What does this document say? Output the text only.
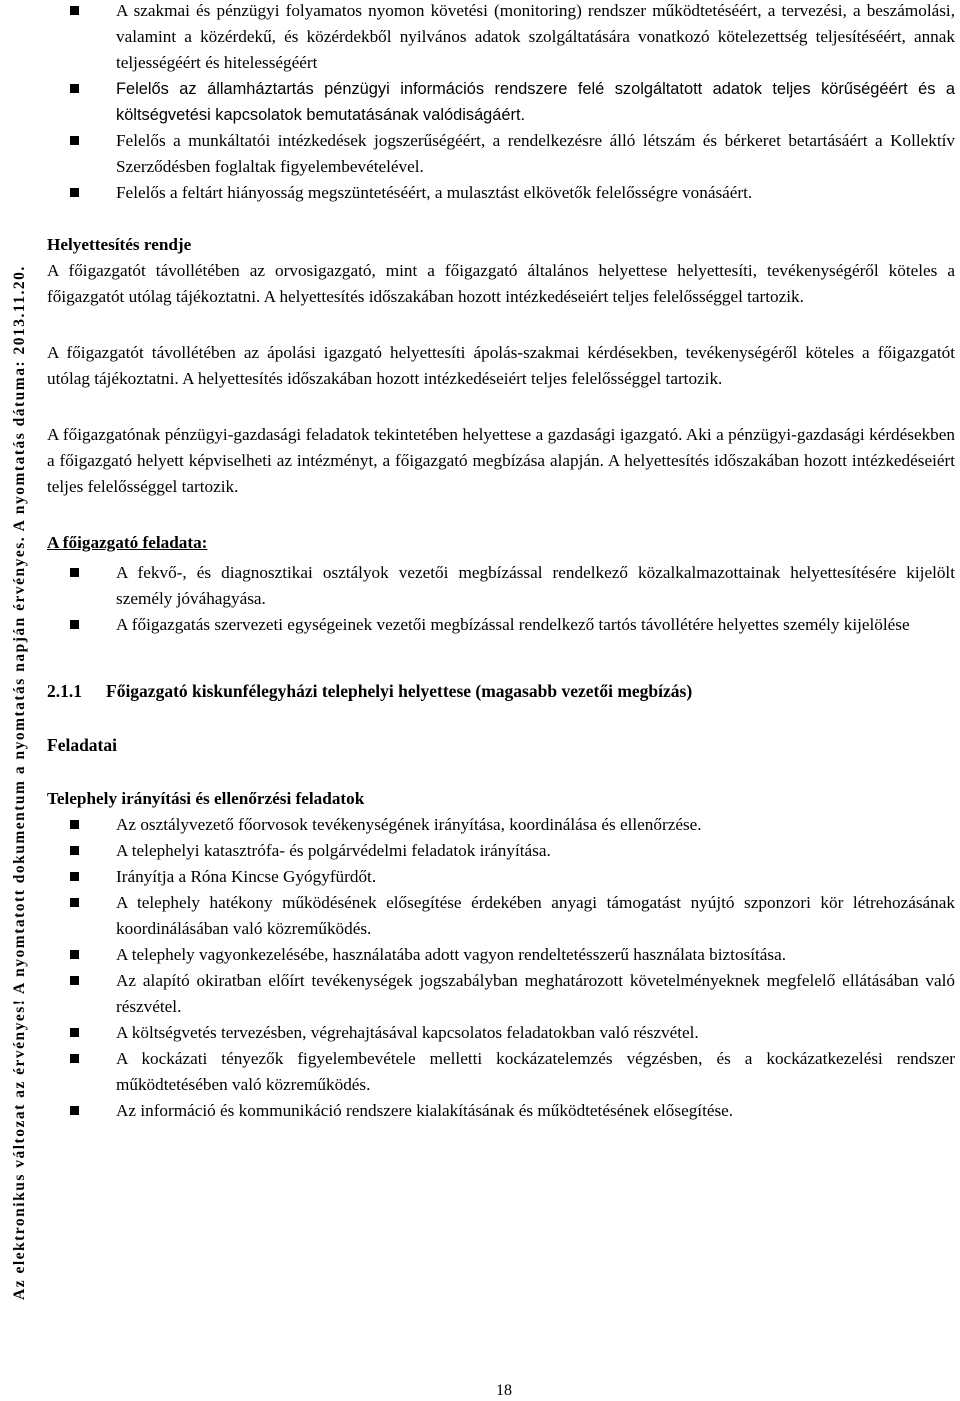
Az elektronikus változat az érvényes! A nyomtatott dokumentum a nyomtatás napján érvényes. A nyomtatás dátuma: 2013.11.20.
A szakmai és pénzügyi folyamatos nyomon követési (monitoring) rendszer működtetéséért, a tervezési, a beszámolási, valamint a közérdekű, és közérdekből nyilvános adatok szolgáltatására vonatkozó kötelezettség teljesítéséért, annak teljességéért és hitelességéért
Felelős az államháztartás pénzügyi információs rendszere felé szolgáltatott adatok teljes körűségéért és a költségvetési kapcsolatok bemutatásának valódiságáért.
Felelős a munkáltatói intézkedések jogszerűségéért, a rendelkezésre álló létszám és bérkeret betartásáért a Kollektív Szerződésben foglaltak figyelembevételével.
Felelős a feltárt hiányosság megszüntetéséért, a mulasztást elkövetők felelősségre vonásáért.

Helyettesítés rendje

A főigazgatót távollétében az orvosigazgató, mint a főigazgató általános helyettese helyettesíti, tevékenységéről köteles a főigazgatót utólag tájékoztatni. A helyettesítés időszakában hozott intézkedéseiért teljes felelősséggel tartozik.

A főigazgatót távollétében az ápolási igazgató helyettesíti ápolás-szakmai kérdésekben, tevékenységéről köteles a főigazgatót utólag tájékoztatni. A helyettesítés időszakában hozott intézkedéseiért teljes felelősséggel tartozik.

A főigazgatónak pénzügyi-gazdasági feladatok tekintetében helyettese a gazdasági igazgató. Aki a pénzügyi-gazdasági kérdésekben a főigazgató helyett képviselheti az intézményt, a főigazgató megbízása alapján. A helyettesítés időszakában hozott intézkedéseiért teljes felelősséggel tartozik.

A főigazgató feladata:

A fekvő-, és diagnosztikai osztályok vezetői megbízással rendelkező közalkalmazottainak helyettesítésére kijelölt személy jóváhagyása.
A főigazgatás szervezeti egységeinek vezetői megbízással rendelkező tartós távollétére helyettes személy kijelölése
2.1.1 Főigazgató kiskunfélegyházi telephelyi helyettese (magasabb vezetői megbízás)

Feladatai

Telephely irányítási és ellenőrzési feladatok

Az osztályvezető főorvosok tevékenységének irányítása, koordinálása és ellenőrzése.
A telephelyi katasztrófa- és polgárvédelmi feladatok irányítása.
Irányítja a Róna Kincse Gyógyfürdőt.
A telephely hatékony működésének elősegítése érdekében anyagi támogatást nyújtó szponzori kör létrehozásának koordinálásában való közreműködés.
A telephely vagyonkezelésébe, használatába adott vagyon rendeltetésszerű használata biztosítása.
Az alapító okiratban előírt tevékenységek jogszabályban meghatározott követelményeknek megfelelő ellátásában való részvétel.
A költségvetés tervezésben, végrehajtásával kapcsolatos feladatokban való részvétel.
A kockázati tényezők figyelembevétele melletti kockázatelemzés végzésben, és a kockázatkezelési rendszer működtetésében való közreműködés.
Az információ és kommunikáció rendszere kialakításának és működtetésének elősegítése.
18
